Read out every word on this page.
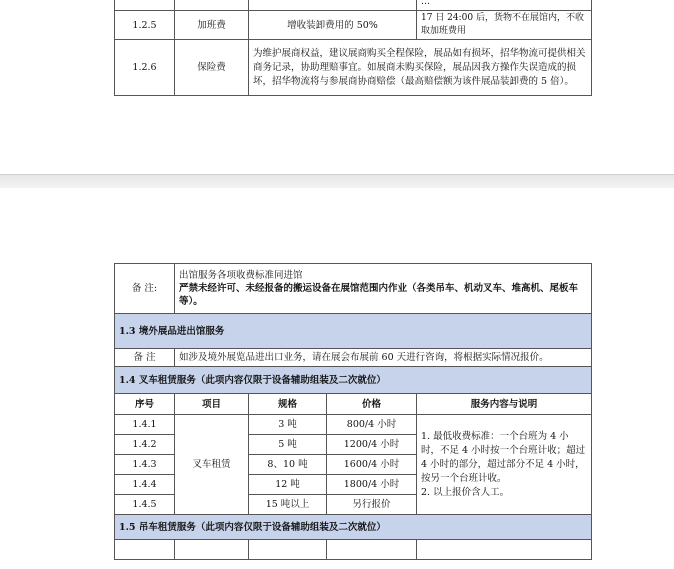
			…
1.2.5	加班费	增收装卸费用的 50%	17 日 24:00 后，货物不在展馆内，不收取加班费用
1.2.6	保险费	为维护展商权益，建议展商购买全程保险，展品如有损坏，招华物流可提供相关商务记录，协助理赔事宜。如展商未购买保险，展品因我方操作失误造成的损坏，招华物流将与参展商协商赔偿（最高赔偿额为该件展品装卸费的 5 倍）。	
备 注:	出馆服务各项收费标准同进馆
严禁未经许可、未经报备的搬运设备在展馆范围内作业（各类吊车、机动叉车、堆高机、尾板车等）。			

1.3 境外展品进出馆服务				
备 注	如涉及境外展览品进出口业务，请在展会布展前 60 天进行咨询，将根据实际情况报价。			
1.4 叉车租赁服务（此项内容仅限于设备辅助组装及二次就位）				
序号	项目	规格	价格	服务内容与说明
1.4.1	叉车租赁	3 吨	800/4 小时	1. 最低收费标准：一个台班为 4 小时，不足 4 小时按一个台班计收；超过 4 小时的部分，超过部分不足 4 小时，按另一个台班计收。
2. 以上报价含人工。

1.4.2		5 吨	1200/4 小时	
1.4.3		8、10 吨	1600/4 小时	
1.4.4		12 吨	1800/4 小时	
1.4.5		15 吨以上	另行报价	
1.5 吊车租赁服务（此项内容仅限于设备辅助组装及二次就位）				
